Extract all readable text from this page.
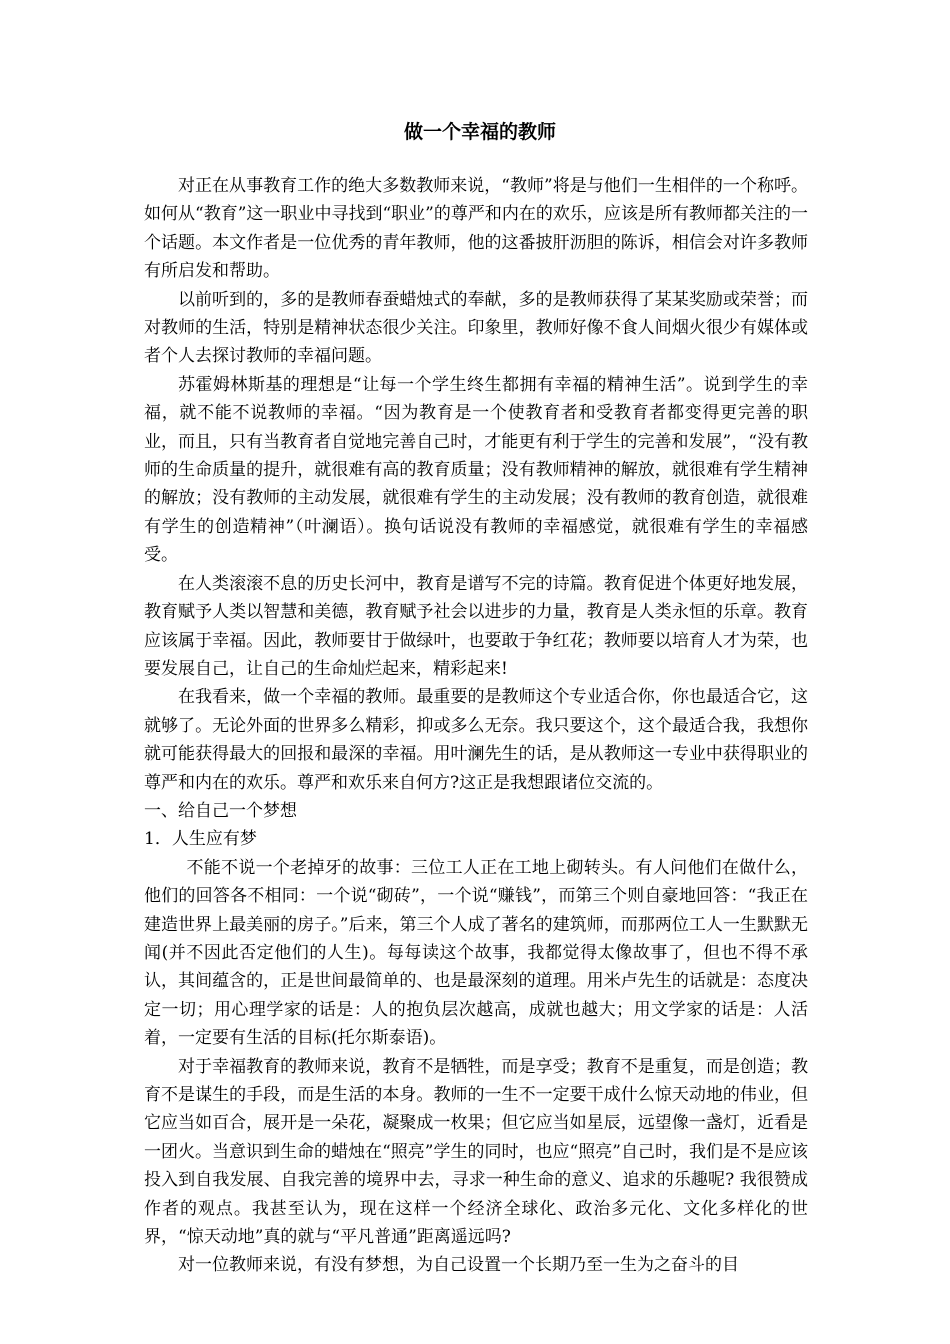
做一个幸福的教师

对正在从事教育工作的绝大多数教师来说，“教师”将是与他们一生相伴的一个称呼。如何从“教育”这一职业中寻找到“职业”的尊严和内在的欢乐，应该是所有教师都关注的一个话题。本文作者是一位优秀的青年教师，他的这番披肝沥胆的陈诉，相信会对许多教师有所启发和帮助。

以前听到的，多的是教师春蚕蜡烛式的奉献，多的是教师获得了某某奖励或荣誉；而对教师的生活，特别是精神状态很少关注。印象里，教师好像不食人间烟火很少有媒体或者个人去探讨教师的幸福问题。

苏霍姆林斯基的理想是“让每一个学生终生都拥有幸福的精神生活”。说到学生的幸福，就不能不说教师的幸福。“因为教育是一个使教育者和受教育者都变得更完善的职业，而且，只有当教育者自觉地完善自己时，才能更有利于学生的完善和发展”，“没有教师的生命质量的提升，就很难有高的教育质量；没有教师精神的解放，就很难有学生精神的解放；没有教师的主动发展，就很难有学生的主动发展；没有教师的教育创造，就很难有学生的创造精神”（叶澜语）。换句话说没有教师的幸福感觉，就很难有学生的幸福感受。

在人类滚滚不息的历史长河中，教育是谱写不完的诗篇。教育促进个体更好地发展，教育赋予人类以智慧和美德，教育赋予社会以进步的力量，教育是人类永恒的乐章。教育应该属于幸福。因此，教师要甘于做绿叶，也要敢于争红花；教师要以培育人才为荣，也要发展自己，让自己的生命灿烂起来，精彩起来!

在我看来，做一个幸福的教师。最重要的是教师这个专业适合你，你也最适合它，这就够了。无论外面的世界多么精彩，抑或多么无奈。我只要这个，这个最适合我，我想你就可能获得最大的回报和最深的幸福。用叶澜先生的话，是从教师这一专业中获得职业的尊严和内在的欢乐。尊严和欢乐来自何方?这正是我想跟诸位交流的。

一、给自己一个梦想

1．人生应有梦

不能不说一个老掉牙的故事：三位工人正在工地上砌转头。有人问他们在做什么，他们的回答各不相同：一个说“砌砖”，一个说“赚钱”，而第三个则自豪地回答：“我正在建造世界上最美丽的房子。”后来，第三个人成了著名的建筑师，而那两位工人一生默默无闻(并不因此否定他们的人生)。每每读这个故事，我都觉得太像故事了，但也不得不承认，其间蕴含的，正是世间最简单的、也是最深刻的道理。用米卢先生的话就是：态度决定一切；用心理学家的话是：人的抱负层次越高，成就也越大；用文学家的话是：人活着，一定要有生活的目标(托尔斯泰语)。

对于幸福教育的教师来说，教育不是牺牲，而是享受；教育不是重复，而是创造；教育不是谋生的手段，而是生活的本身。教师的一生不一定要干成什么惊天动地的伟业，但它应当如百合，展开是一朵花，凝聚成一枚果；但它应当如星辰，远望像一盏灯，近看是一团火。当意识到生命的蜡烛在“照亮”学生的同时，也应“照亮”自己时，我们是不是应该投入到自我发展、自我完善的境界中去，寻求一种生命的意义、追求的乐趣呢? 我很赞成作者的观点。我甚至认为，现在这样一个经济全球化、政治多元化、文化多样化的世界，“惊天动地”真的就与“平凡普通”距离遥远吗?

对一位教师来说，有没有梦想，为自己设置一个长期乃至一生为之奋斗的目
